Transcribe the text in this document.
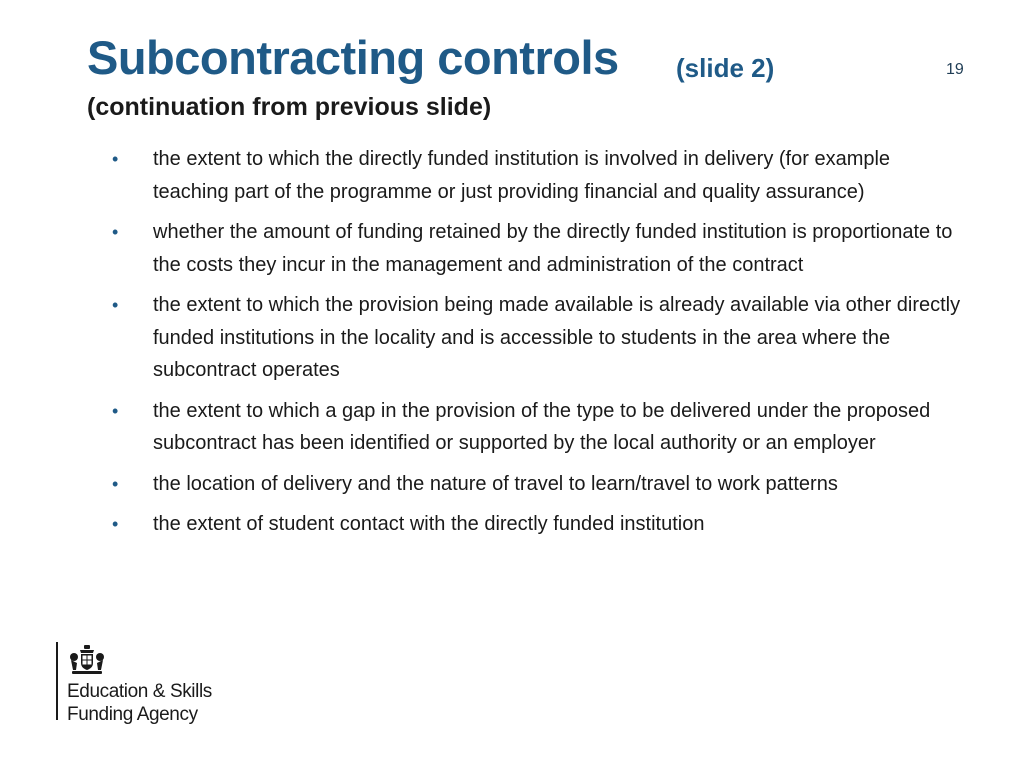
Subcontracting controls (slide 2)	19
(continuation from previous slide)
• the extent to which the directly funded institution is involved in delivery (for example teaching part of the programme or just providing financial and quality assurance)
• whether the amount of funding retained by the directly funded institution is proportionate to the costs they incur in the management and administration of the contract
• the extent to which the provision being made available is already available via other directly funded institutions in the locality and is accessible to students in the area where the subcontract operates
• the extent to which a gap in the provision of the type to be delivered under the proposed subcontract has been identified or supported by the local authority or an employer
• the location of delivery and the nature of travel to learn/travel to work patterns
• the extent of student contact with the directly funded institution
Education & Skills
Funding Agency
